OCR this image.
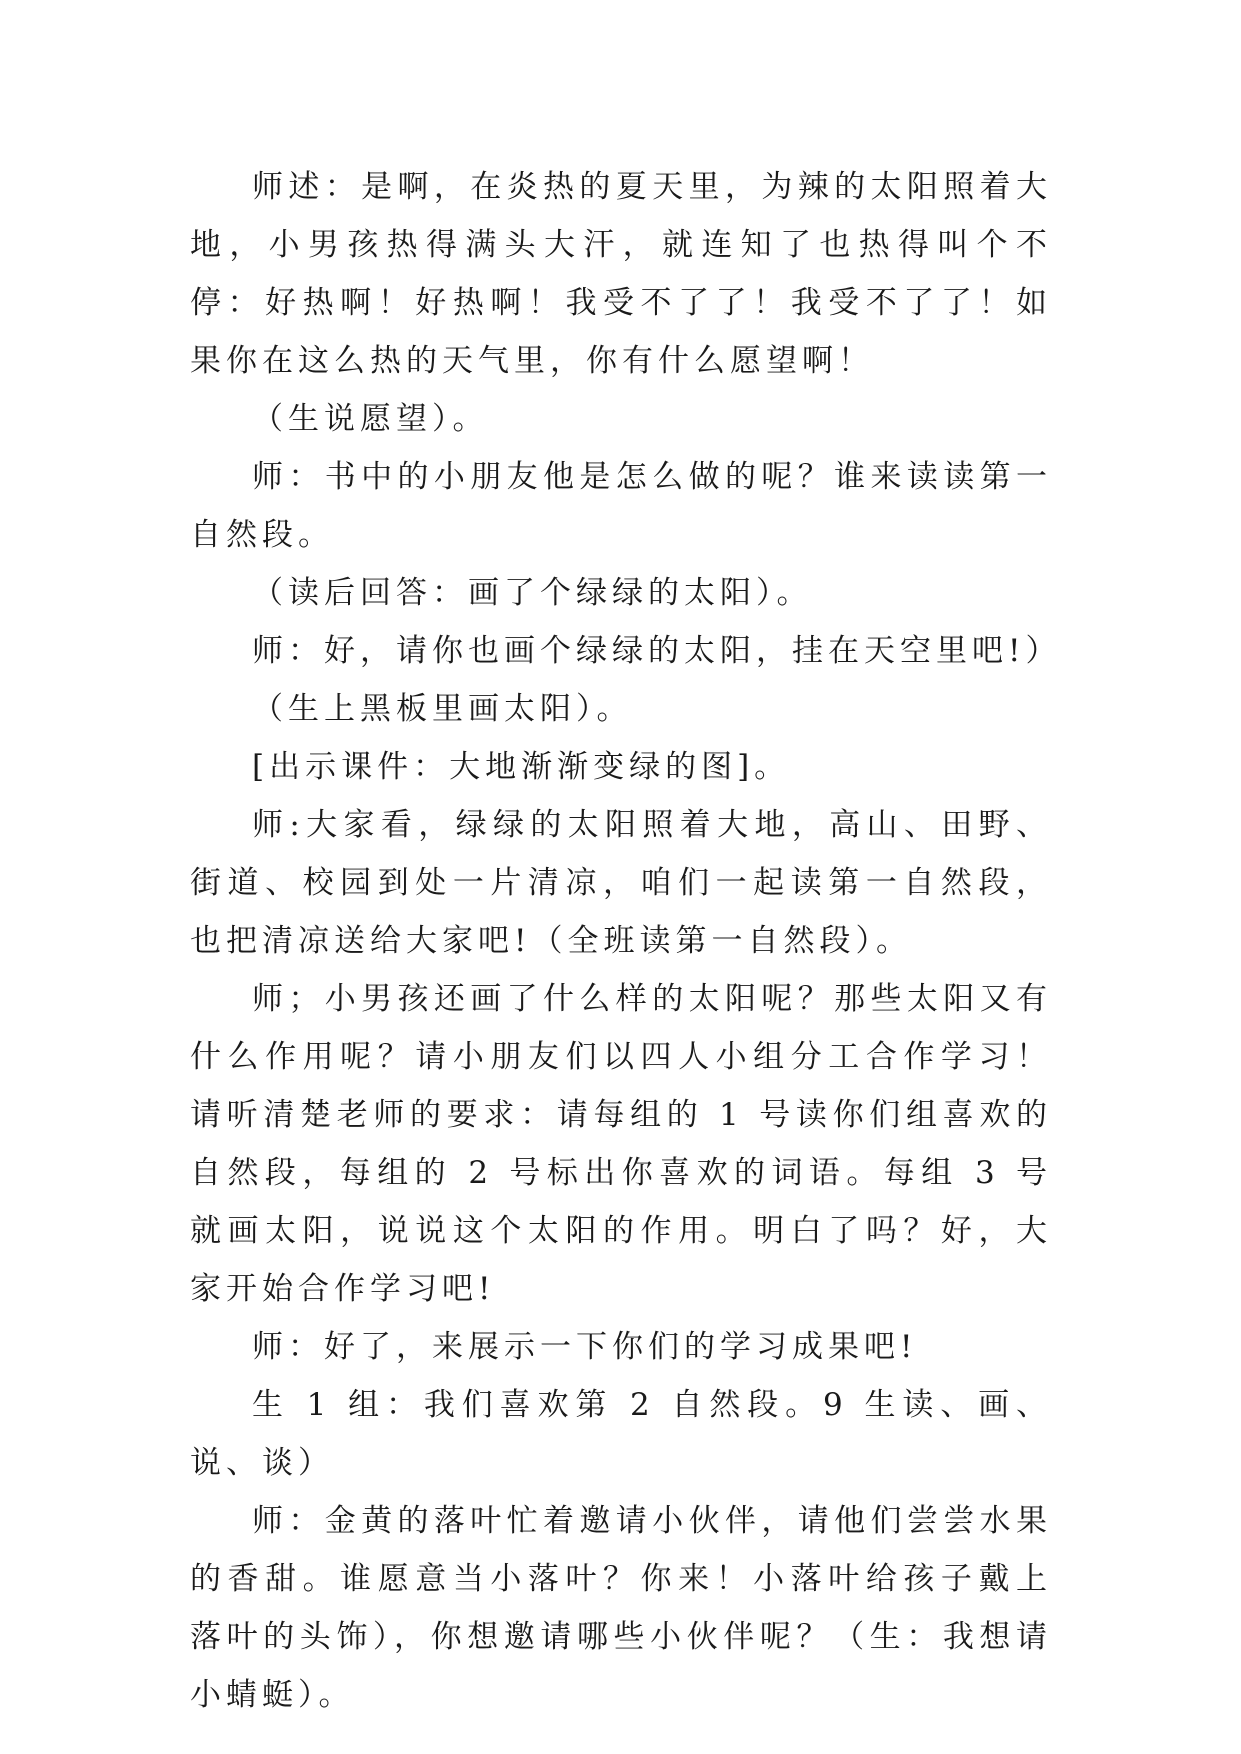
师述：是啊，在炎热的夏天里，为辣的太阳照着大地，小男孩热得满头大汗，就连知了也热得叫个不停：好热啊！好热啊！我受不了了！我受不了了！如果你在这么热的天气里，你有什么愿望啊！

（生说愿望）。

师：书中的小朋友他是怎么做的呢？谁来读读第一自然段。

（读后回答：画了个绿绿的太阳）。

师：好，请你也画个绿绿的太阳，挂在天空里吧!）

（生上黑板里画太阳）。

[出示课件：大地渐渐变绿的图]。

师:大家看，绿绿的太阳照着大地，高山、田野、街道、校园到处一片清凉，咱们一起读第一自然段，也把清凉送给大家吧!（全班读第一自然段）。

师；小男孩还画了什么样的太阳呢？那些太阳又有什么作用呢？请小朋友们以四人小组分工合作学习！请听清楚老师的要求：请每组的 1 号读你们组喜欢的自然段，每组的 2 号标出你喜欢的词语。每组 3 号就画太阳，说说这个太阳的作用。明白了吗？好，大家开始合作学习吧!

师：好了，来展示一下你们的学习成果吧!

生 1 组：我们喜欢第 2 自然段。9 生读、画、说、谈）

师：金黄的落叶忙着邀请小伙伴，请他们尝尝水果的香甜。谁愿意当小落叶？你来！小落叶给孩子戴上落叶的头饰），你想邀请哪些小伙伴呢？（生：我想请小蜻蜓）。
